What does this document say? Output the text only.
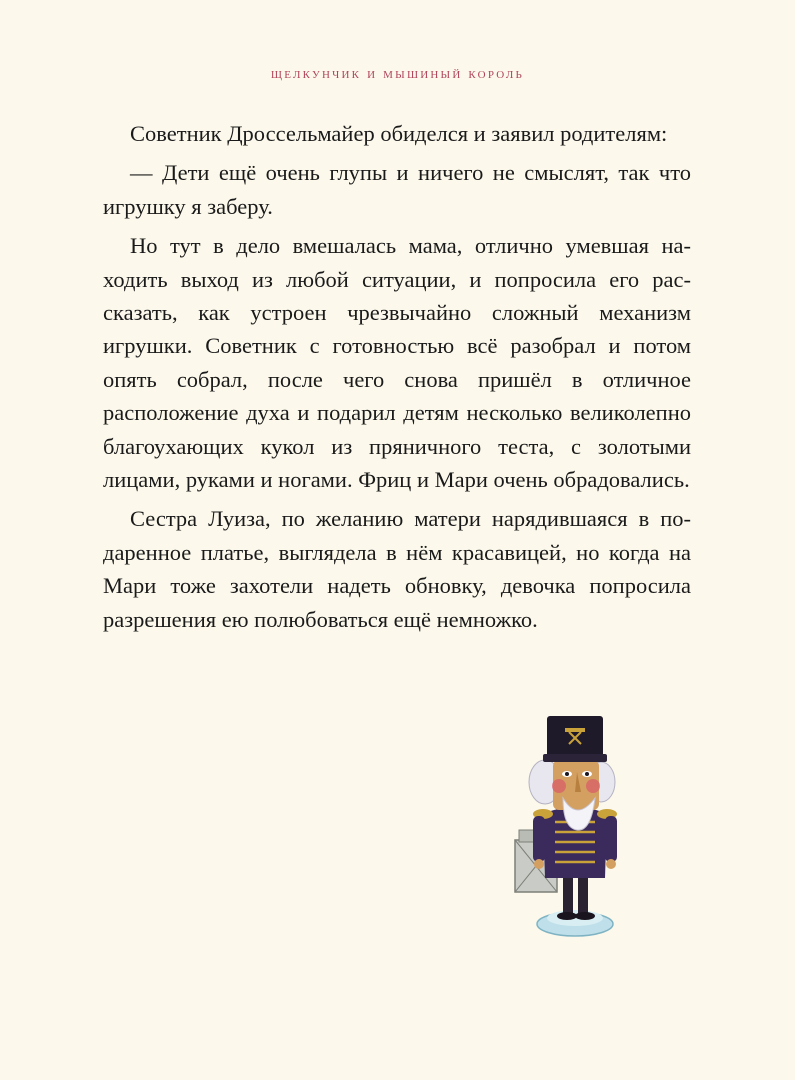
щелкунчик и мышиный король

Советник Дроссельмайер обиделся и заявил родителям:

— Дети ещё очень глупы и ничего не смыслят, так что игрушку я заберу.

Но тут в дело вмешалась мама, отлично умевшая находить выход из любой ситуации, и попросила его рассказать, как устроен чрезвычайно сложный механизм игрушки. Советник с готовностью всё разобрал и потом опять собрал, после чего снова пришёл в отличное расположение духа и подарил детям несколько великолепно благоухающих кукол из пряничного теста, с золотыми лицами, руками и ногами. Фриц и Мари очень обрадовались.

Сестра Луиза, по желанию матери нарядившаяся в подаренное платье, выглядела в нём красавицей, но когда на Мари тоже захотели надеть обновку, девочка попросила разрешения ею полюбоваться ещё немножко.
